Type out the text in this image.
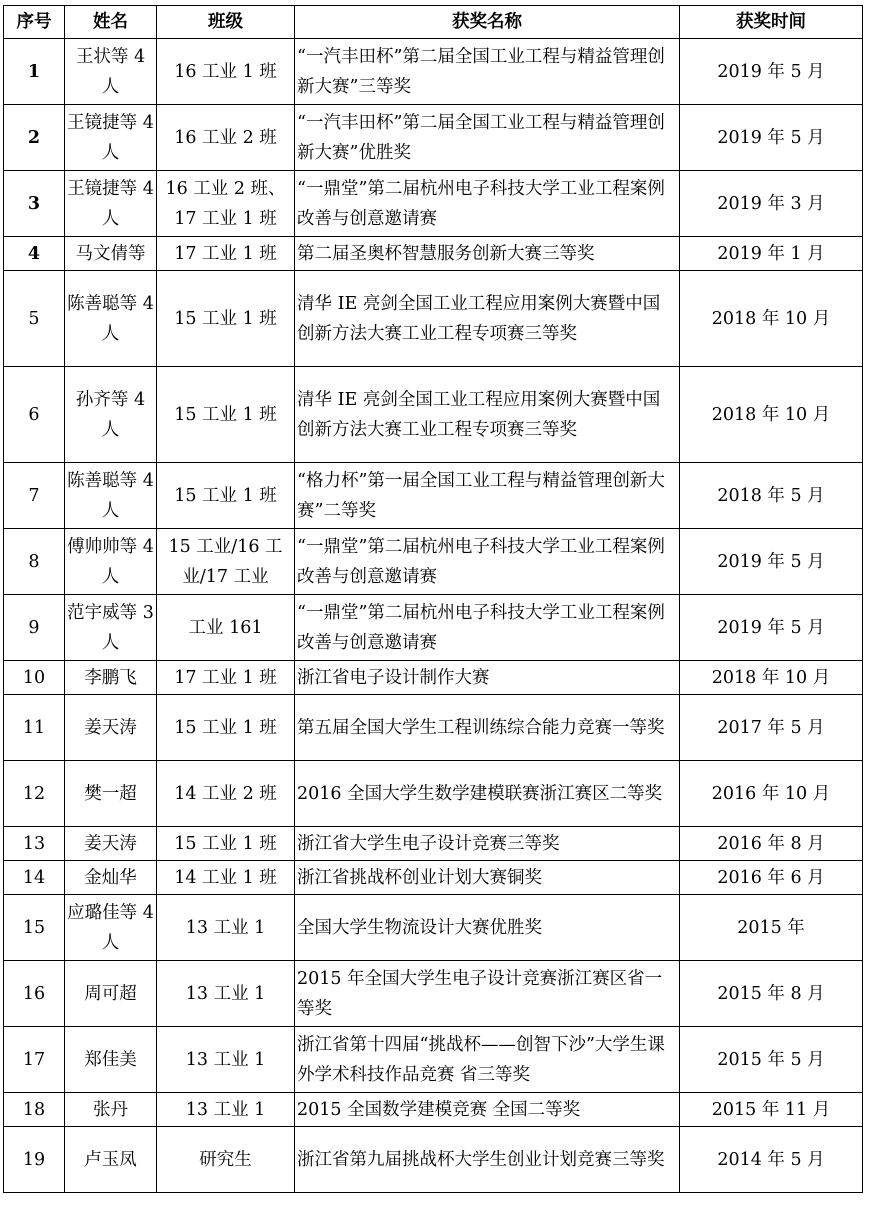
序号	姓名	班级	获奖名称	获奖时间
1	王状等 4 人	16 工业 1 班	“一汽丰田杯”第二届全国工业工程与精益管理创新大赛”三等奖	2019 年 5 月
2	王镜捷等 4 人	16 工业 2 班	“一汽丰田杯”第二届全国工业工程与精益管理创新大赛”优胜奖	2019 年 5 月
3	王镜捷等 4 人	16 工业 2 班、17 工业 1 班	“一鼎堂”第二届杭州电子科技大学工业工程案例改善与创意邀请赛	2019 年 3 月
4	马文倩等	17 工业 1 班	第二届圣奥杯智慧服务创新大赛三等奖	2019 年 1 月
5	陈善聪等 4 人	15 工业 1 班	清华 IE 亮剑全国工业工程应用案例大赛暨中国创新方法大赛工业工程专项赛三等奖	2018 年 10 月
6	孙齐等 4 人	15 工业 1 班	清华 IE 亮剑全国工业工程应用案例大赛暨中国创新方法大赛工业工程专项赛三等奖	2018 年 10 月
7	陈善聪等 4 人	15 工业 1 班	“格力杯”第一届全国工业工程与精益管理创新大赛”二等奖	2018 年 5 月
8	傅帅帅等 4 人	15 工业/16 工业/17 工业	“一鼎堂”第二届杭州电子科技大学工业工程案例改善与创意邀请赛	2019 年 5 月
9	范宇威等 3 人	工业 161	“一鼎堂”第二届杭州电子科技大学工业工程案例改善与创意邀请赛	2019 年 5 月
10	李鹏飞	17 工业 1 班	浙江省电子设计制作大赛	2018 年 10 月
11	姜天涛	15 工业 1 班	第五届全国大学生工程训练综合能力竞赛一等奖	2017 年 5 月
12	樊一超	14 工业 2 班	2016 全国大学生数学建模联赛浙江赛区二等奖	2016 年 10 月
13	姜天涛	15 工业 1 班	浙江省大学生电子设计竞赛三等奖	2016 年 8 月
14	金灿华	14 工业 1 班	浙江省挑战杯创业计划大赛铜奖	2016 年 6 月
15	应璐佳等 4 人	13 工业 1	全国大学生物流设计大赛优胜奖	2015 年
16	周可超	13 工业 1	2015 年全国大学生电子设计竞赛浙江赛区省一等奖	2015 年 8 月
17	郑佳美	13 工业 1	浙江省第十四届“挑战杯——创智下沙”大学生课外学术科技作品竞赛 省三等奖	2015 年 5 月
18	张丹	13 工业 1	2015 全国数学建模竞赛 全国二等奖	2015 年 11 月
19	卢玉凤	研究生	浙江省第九届挑战杯大学生创业计划竞赛三等奖	2014 年 5 月
